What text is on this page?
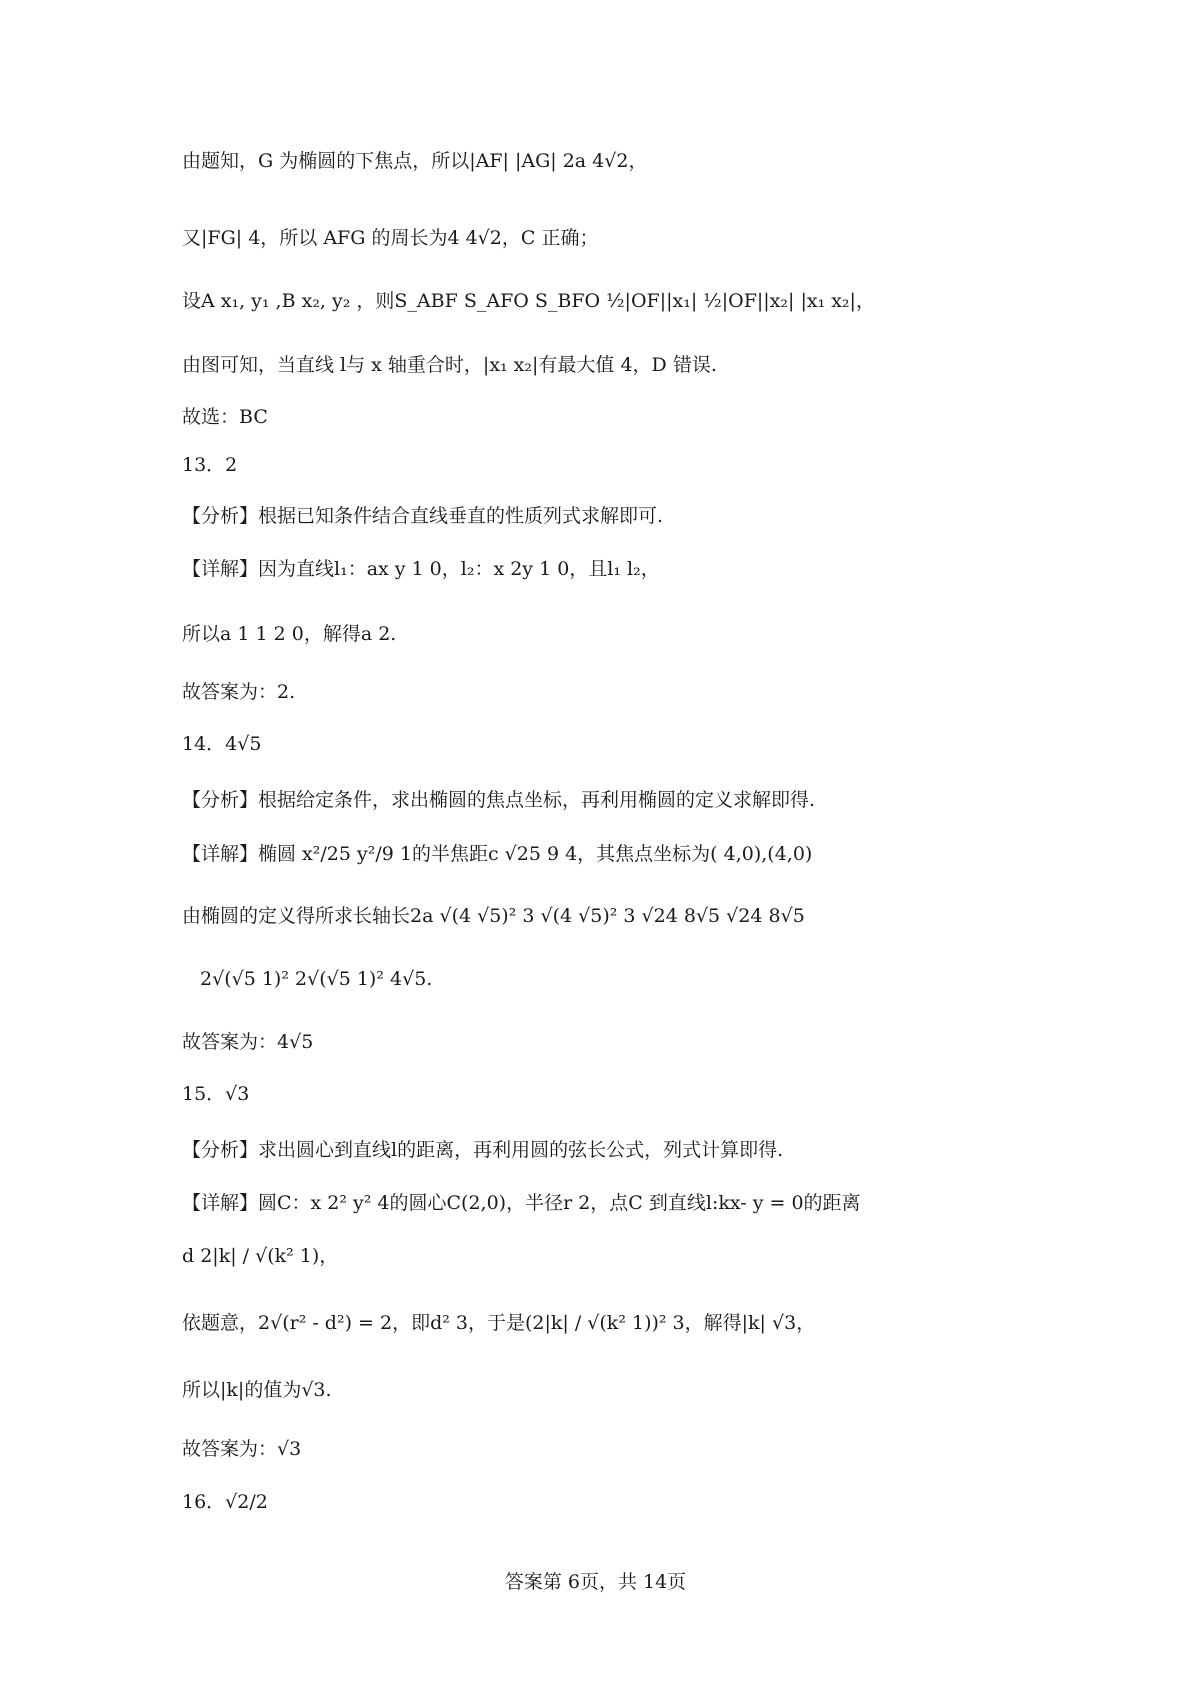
由题知，G 为椭圆的下焦点，所以|AF| |AG| 2a 4√2，
又|FG| 4，所以 AFG 的周长为4 4√2，C 正确；
设A x₁, y₁ ,B x₂, y₂ ，则S_ABF S_AFO S_BFO ½|OF||x₁| ½|OF||x₂| |x₁ x₂|，
由图可知，当直线 l与 x 轴重合时，|x₁ x₂|有最大值 4，D 错误.
故选：BC
13．2
【分析】根据已知条件结合直线垂直的性质列式求解即可.
【详解】因为直线l₁：ax y 1 0，l₂：x 2y 1 0，且l₁ l₂，
所以a 1 1 2 0，解得a 2.
故答案为：2.
14．4√5
【分析】根据给定条件，求出椭圆的焦点坐标，再利用椭圆的定义求解即得.
【详解】椭圆 x²/25 y²/9 1的半焦距c √25 9 4，其焦点坐标为( 4,0),(4,0)
由椭圆的定义得所求长轴长2a √(4 √5)² 3 √(4 √5)² 3 √24 8√5 √24 8√5
2√(√5 1)² 2√(√5 1)² 4√5.
故答案为：4√5
15．√3
【分析】求出圆心到直线l的距离，再利用圆的弦长公式，列式计算即得.
【详解】圆C：x 2² y² 4的圆心C(2,0)，半径r 2，点C 到直线l:kx- y = 0的距离
d 2|k| / √(k² 1)，
依题意，2√(r² - d²) = 2，即d² 3，于是(2|k| / √(k² 1))² 3，解得|k| √3，
所以|k|的值为√3.
故答案为：√3
16．√2/2
答案第 6页，共 14页
